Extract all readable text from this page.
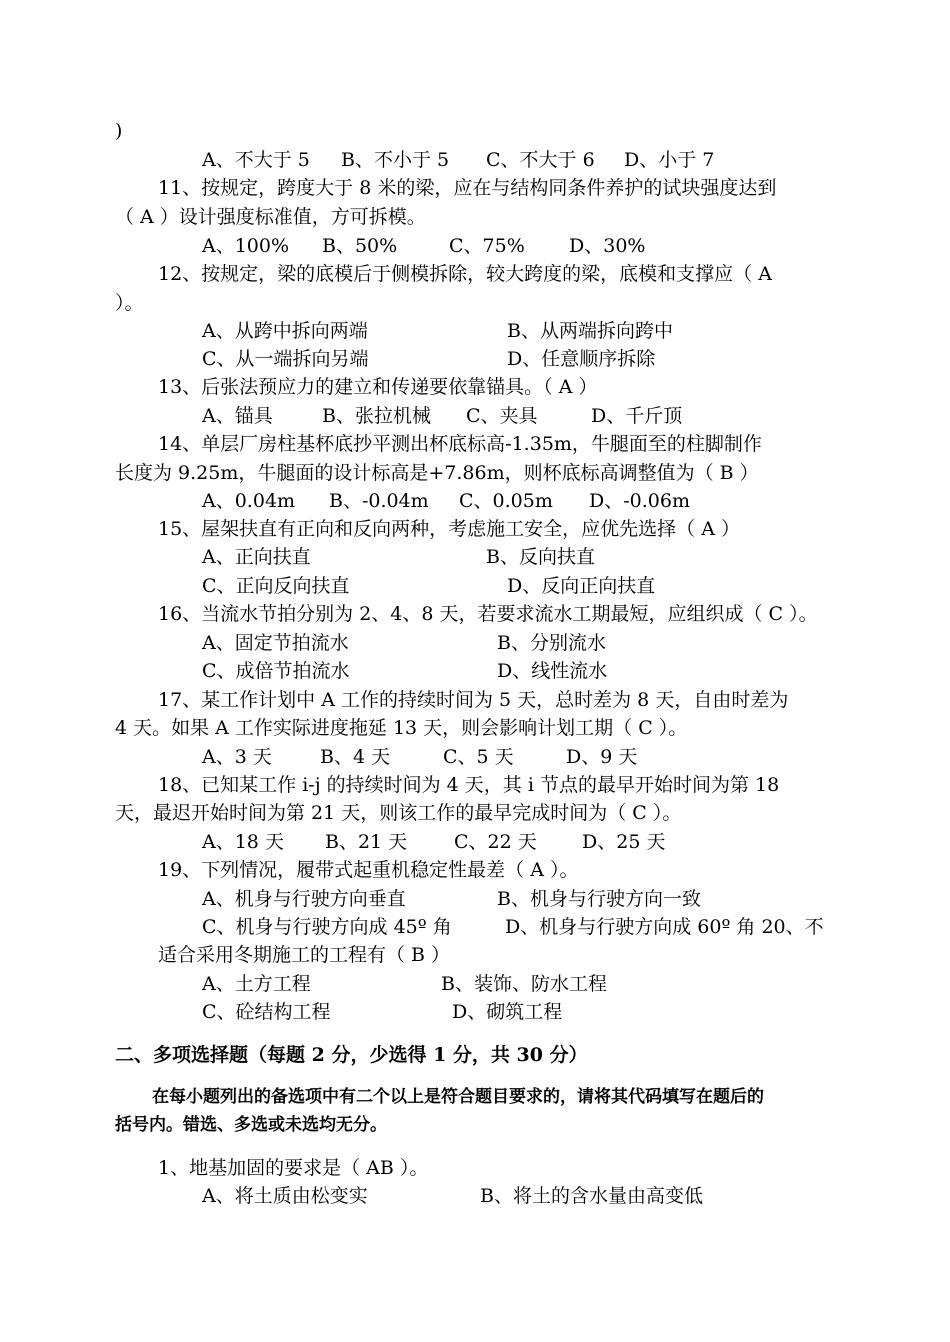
)
A、不大于 5 B、不小于 5 C、不大于 6 D、小于 7
11、按规定，跨度大于 8 米的梁，应在与结构同条件养护的试块强度达到
（ A ）设计强度标准值，方可拆模。
A、100% B、50%	C、75% D、30%
12、按规定，梁的底模后于侧模拆除，较大跨度的梁，底模和支撑应（ A
）。
A、从跨中拆向两端	B、从两端拆向跨中
C、从一端拆向另端	D、任意顺序拆除
13、后张法预应力的建立和传递要依靠锚具。（ A ）
A、锚具	B、张拉机械 C、夹具	D、千斤顶
14、单层厂房柱基杯底抄平测出杯底标高-1.35m，牛腿面至的柱脚制作
长度为 9.25m，牛腿面的设计标高是+7.86m，则杯底标高调整值为（ B ）
A、0.04m B、-0.04m C、0.05m D、-0.06m
15、屋架扶直有正向和反向两种，考虑施工安全，应优先选择（ A ）
A、正向扶直	B、反向扶直
C、正向反向扶直	D、反向正向扶直
16、当流水节拍分别为 2、4、8 天，若要求流水工期最短，应组织成（ C ）。
A、固定节拍流水	B、分别流水
C、成倍节拍流水	D、线性流水
17、某工作计划中 A 工作的持续时间为 5 天，总时差为 8 天，自由时差为
4 天。如果 A 工作实际进度拖延 13 天，则会影响计划工期（ C ）。
A、3 天	B、4 天	C、5 天	D、9 天
18、已知某工作 i-j 的持续时间为 4 天，其 i 节点的最早开始时间为第 18
天，最迟开始时间为第 21 天，则该工作的最早完成时间为（ C ）。
A、18 天 B、21 天 C、22 天 D、25 天
19、下列情况，履带式起重机稳定性最差（ A ）。
A、机身与行驶方向垂直	B、机身与行驶方向一致
C、机身与行驶方向成 45º 角	D、机身与行驶方向成 60º 角 20、不
适合采用冬期施工的工程有（ B ）
A、土方工程	B、装饰、防水工程
C、砼结构工程	D、砌筑工程
二、多项选择题（每题 2 分，少选得 1 分，共 30 分）
在每小题列出的备选项中有二个以上是符合题目要求的，请将其代码填写在题后的
括号内。错选、多选或未选均无分。
1、地基加固的要求是（ AB ）。
A、将土质由松变实	B、将土的含水量由高变低
